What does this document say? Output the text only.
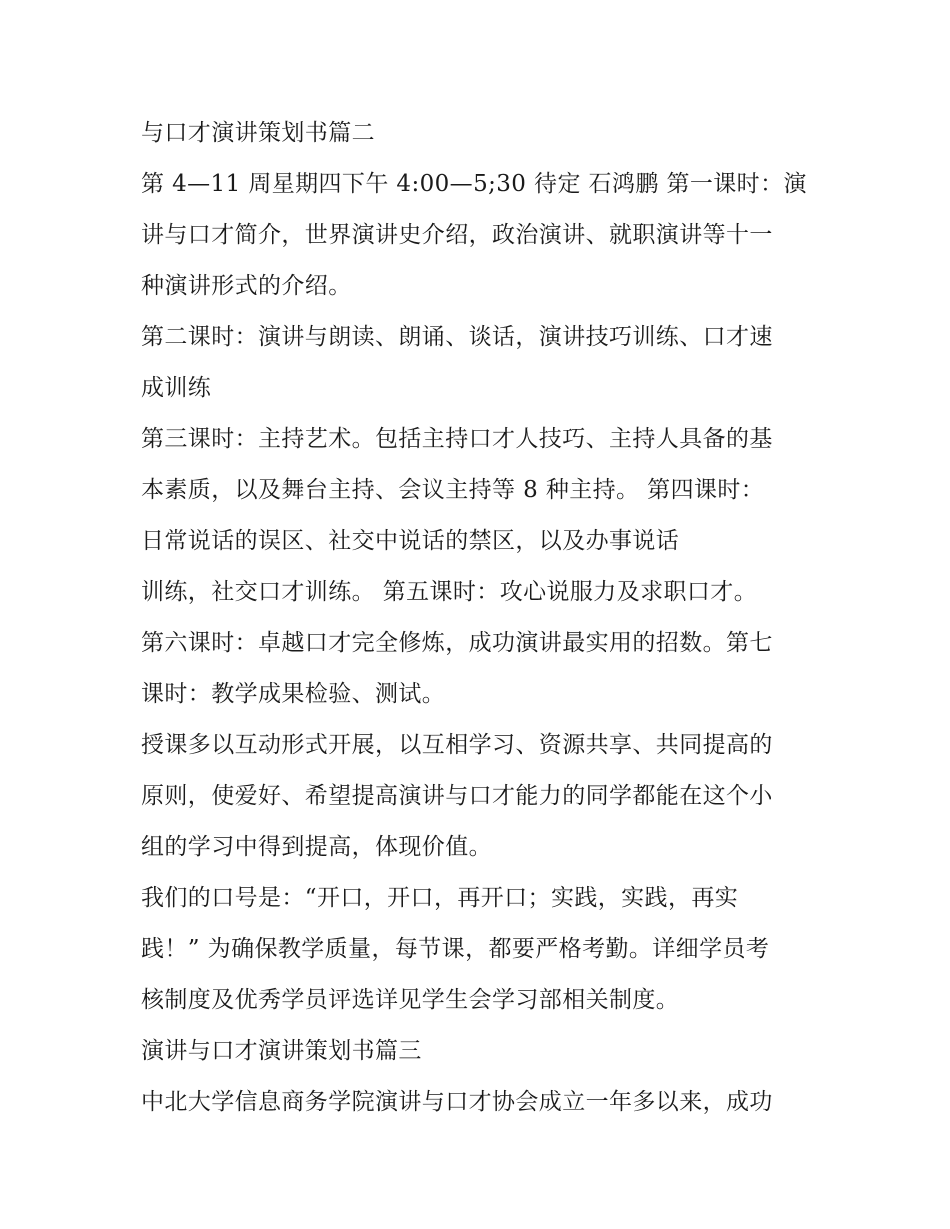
与口才演讲策划书篇二
第 4—11 周星期四下午 4:00—5;30 待定 石鸿鹏 第一课时：演
讲与口才简介，世界演讲史介绍，政治演讲、就职演讲等十一
种演讲形式的介绍。
第二课时：演讲与朗读、朗诵、谈话，演讲技巧训练、口才速
成训练
第三课时：主持艺术。包括主持口才人技巧、主持人具备的基
本素质，以及舞台主持、会议主持等 8 种主持。 第四课时：
日常说话的误区、社交中说话的禁区，以及办事说话
训练，社交口才训练。 第五课时：攻心说服力及求职口才。
第六课时：卓越口才完全修炼，成功演讲最实用的招数。第七
课时：教学成果检验、测试。
授课多以互动形式开展，以互相学习、资源共享、共同提高的
原则，使爱好、希望提高演讲与口才能力的同学都能在这个小
组的学习中得到提高，体现价值。
我们的口号是：“开口，开口，再开口；实践，实践，再实
践！” 为确保教学质量，每节课，都要严格考勤。详细学员考
核制度及优秀学员评选详见学生会学习部相关制度。
演讲与口才演讲策划书篇三
中北大学信息商务学院演讲与口才协会成立一年多以来，成功
